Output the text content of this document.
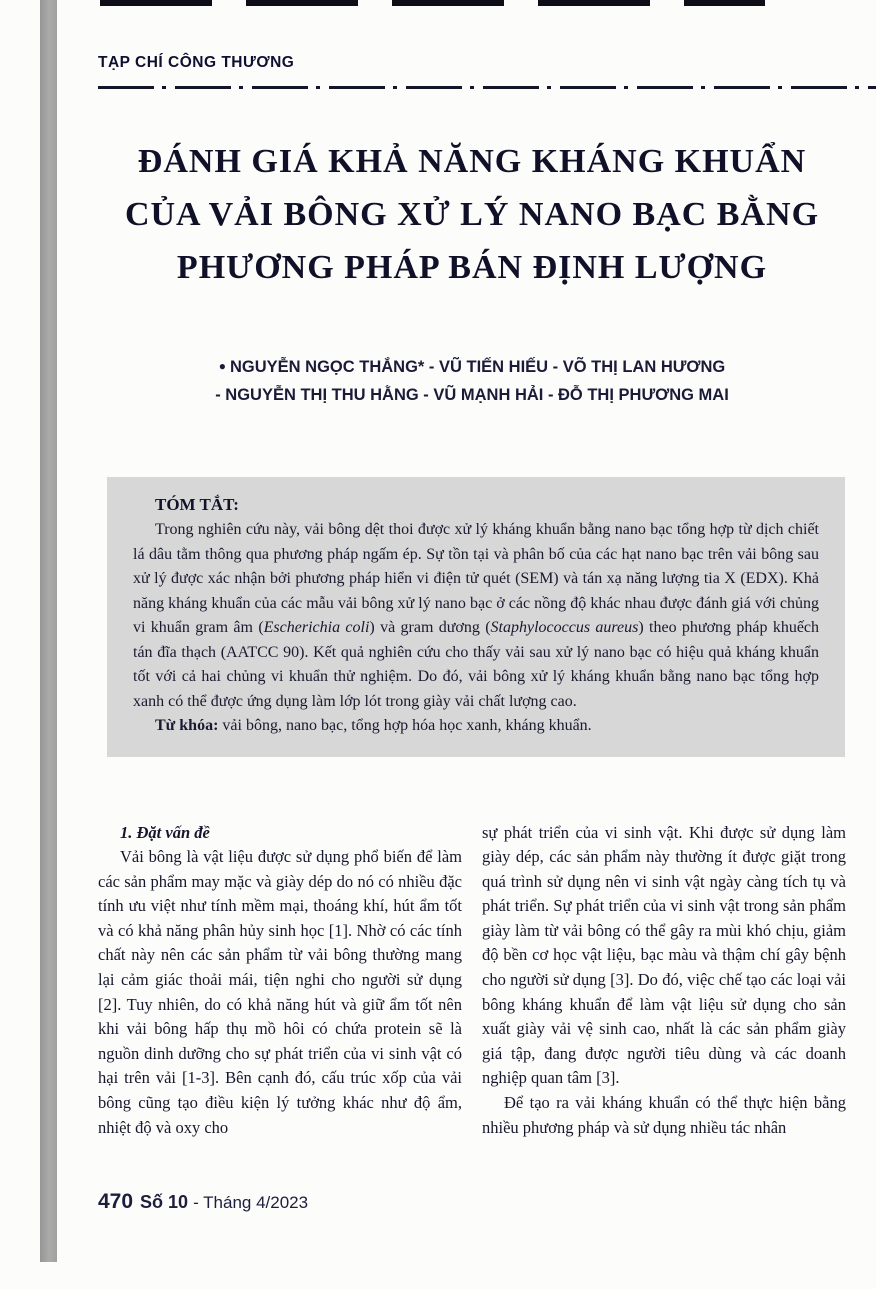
TẠP CHÍ CÔNG THƯƠNG
ĐÁNH GIÁ KHẢ NĂNG KHÁNG KHUẨN
CỦA VẢI BÔNG XỬ LÝ NANO BẠC BẰNG
PHƯƠNG PHÁP BÁN ĐỊNH LƯỢNG
● NGUYỄN NGỌC THẮNG* - VŨ TIẾN HIẾU - VÕ THỊ LAN HƯƠNG
- NGUYỄN THỊ THU HẰNG - VŨ MẠNH HẢI - ĐỖ THỊ PHƯƠNG MAI
TÓM TẮT:

Trong nghiên cứu này, vải bông dệt thoi được xử lý kháng khuẩn bằng nano bạc tổng hợp từ dịch chiết lá dâu tằm thông qua phương pháp ngấm ép. Sự tồn tại và phân bố của các hạt nano bạc trên vải bông sau xử lý được xác nhận bởi phương pháp hiển vi điện tử quét (SEM) và tán xạ năng lượng tia X (EDX). Khả năng kháng khuẩn của các mẫu vải bông xử lý nano bạc ở các nồng độ khác nhau được đánh giá với chủng vi khuẩn gram âm (Escherichia coli) và gram dương (Staphylococcus aureus) theo phương pháp khuếch tán đĩa thạch (AATCC 90). Kết quả nghiên cứu cho thấy vải sau xử lý nano bạc có hiệu quả kháng khuẩn tốt với cả hai chủng vi khuẩn thử nghiệm. Do đó, vải bông xử lý kháng khuẩn bằng nano bạc tổng hợp xanh có thể được ứng dụng làm lớp lót trong giày vải chất lượng cao.

Từ khóa: vải bông, nano bạc, tổng hợp hóa học xanh, kháng khuẩn.

1. Đặt vấn đề

Vải bông là vật liệu được sử dụng phổ biến để làm các sản phẩm may mặc và giày dép do nó có nhiều đặc tính ưu việt như tính mềm mại, thoáng khí, hút ẩm tốt và có khả năng phân hủy sinh học [1]. Nhờ có các tính chất này nên các sản phẩm từ vải bông thường mang lại cảm giác thoải mái, tiện nghi cho người sử dụng [2]. Tuy nhiên, do có khả năng hút và giữ ẩm tốt nên khi vải bông hấp thụ mồ hôi có chứa protein sẽ là nguồn dinh dưỡng cho sự phát triển của vi sinh vật có hại trên vải [1-3]. Bên cạnh đó, cấu trúc xốp của vải bông cũng tạo điều kiện lý tưởng khác như độ ẩm, nhiệt độ và oxy cho

sự phát triển của vi sinh vật. Khi được sử dụng làm giày dép, các sản phẩm này thường ít được giặt trong quá trình sử dụng nên vi sinh vật ngày càng tích tụ và phát triển. Sự phát triển của vi sinh vật trong sản phẩm giày làm từ vải bông có thể gây ra mùi khó chịu, giảm độ bền cơ học vật liệu, bạc màu và thậm chí gây bệnh cho người sử dụng [3]. Do đó, việc chế tạo các loại vải bông kháng khuẩn để làm vật liệu sử dụng cho sản xuất giày vải vệ sinh cao, nhất là các sản phẩm giày giá tập, đang được người tiêu dùng và các doanh nghiệp quan tâm [3].

Để tạo ra vải kháng khuẩn có thể thực hiện bằng nhiều phương pháp và sử dụng nhiều tác nhân

470 Số 10 - Tháng 4/2023
